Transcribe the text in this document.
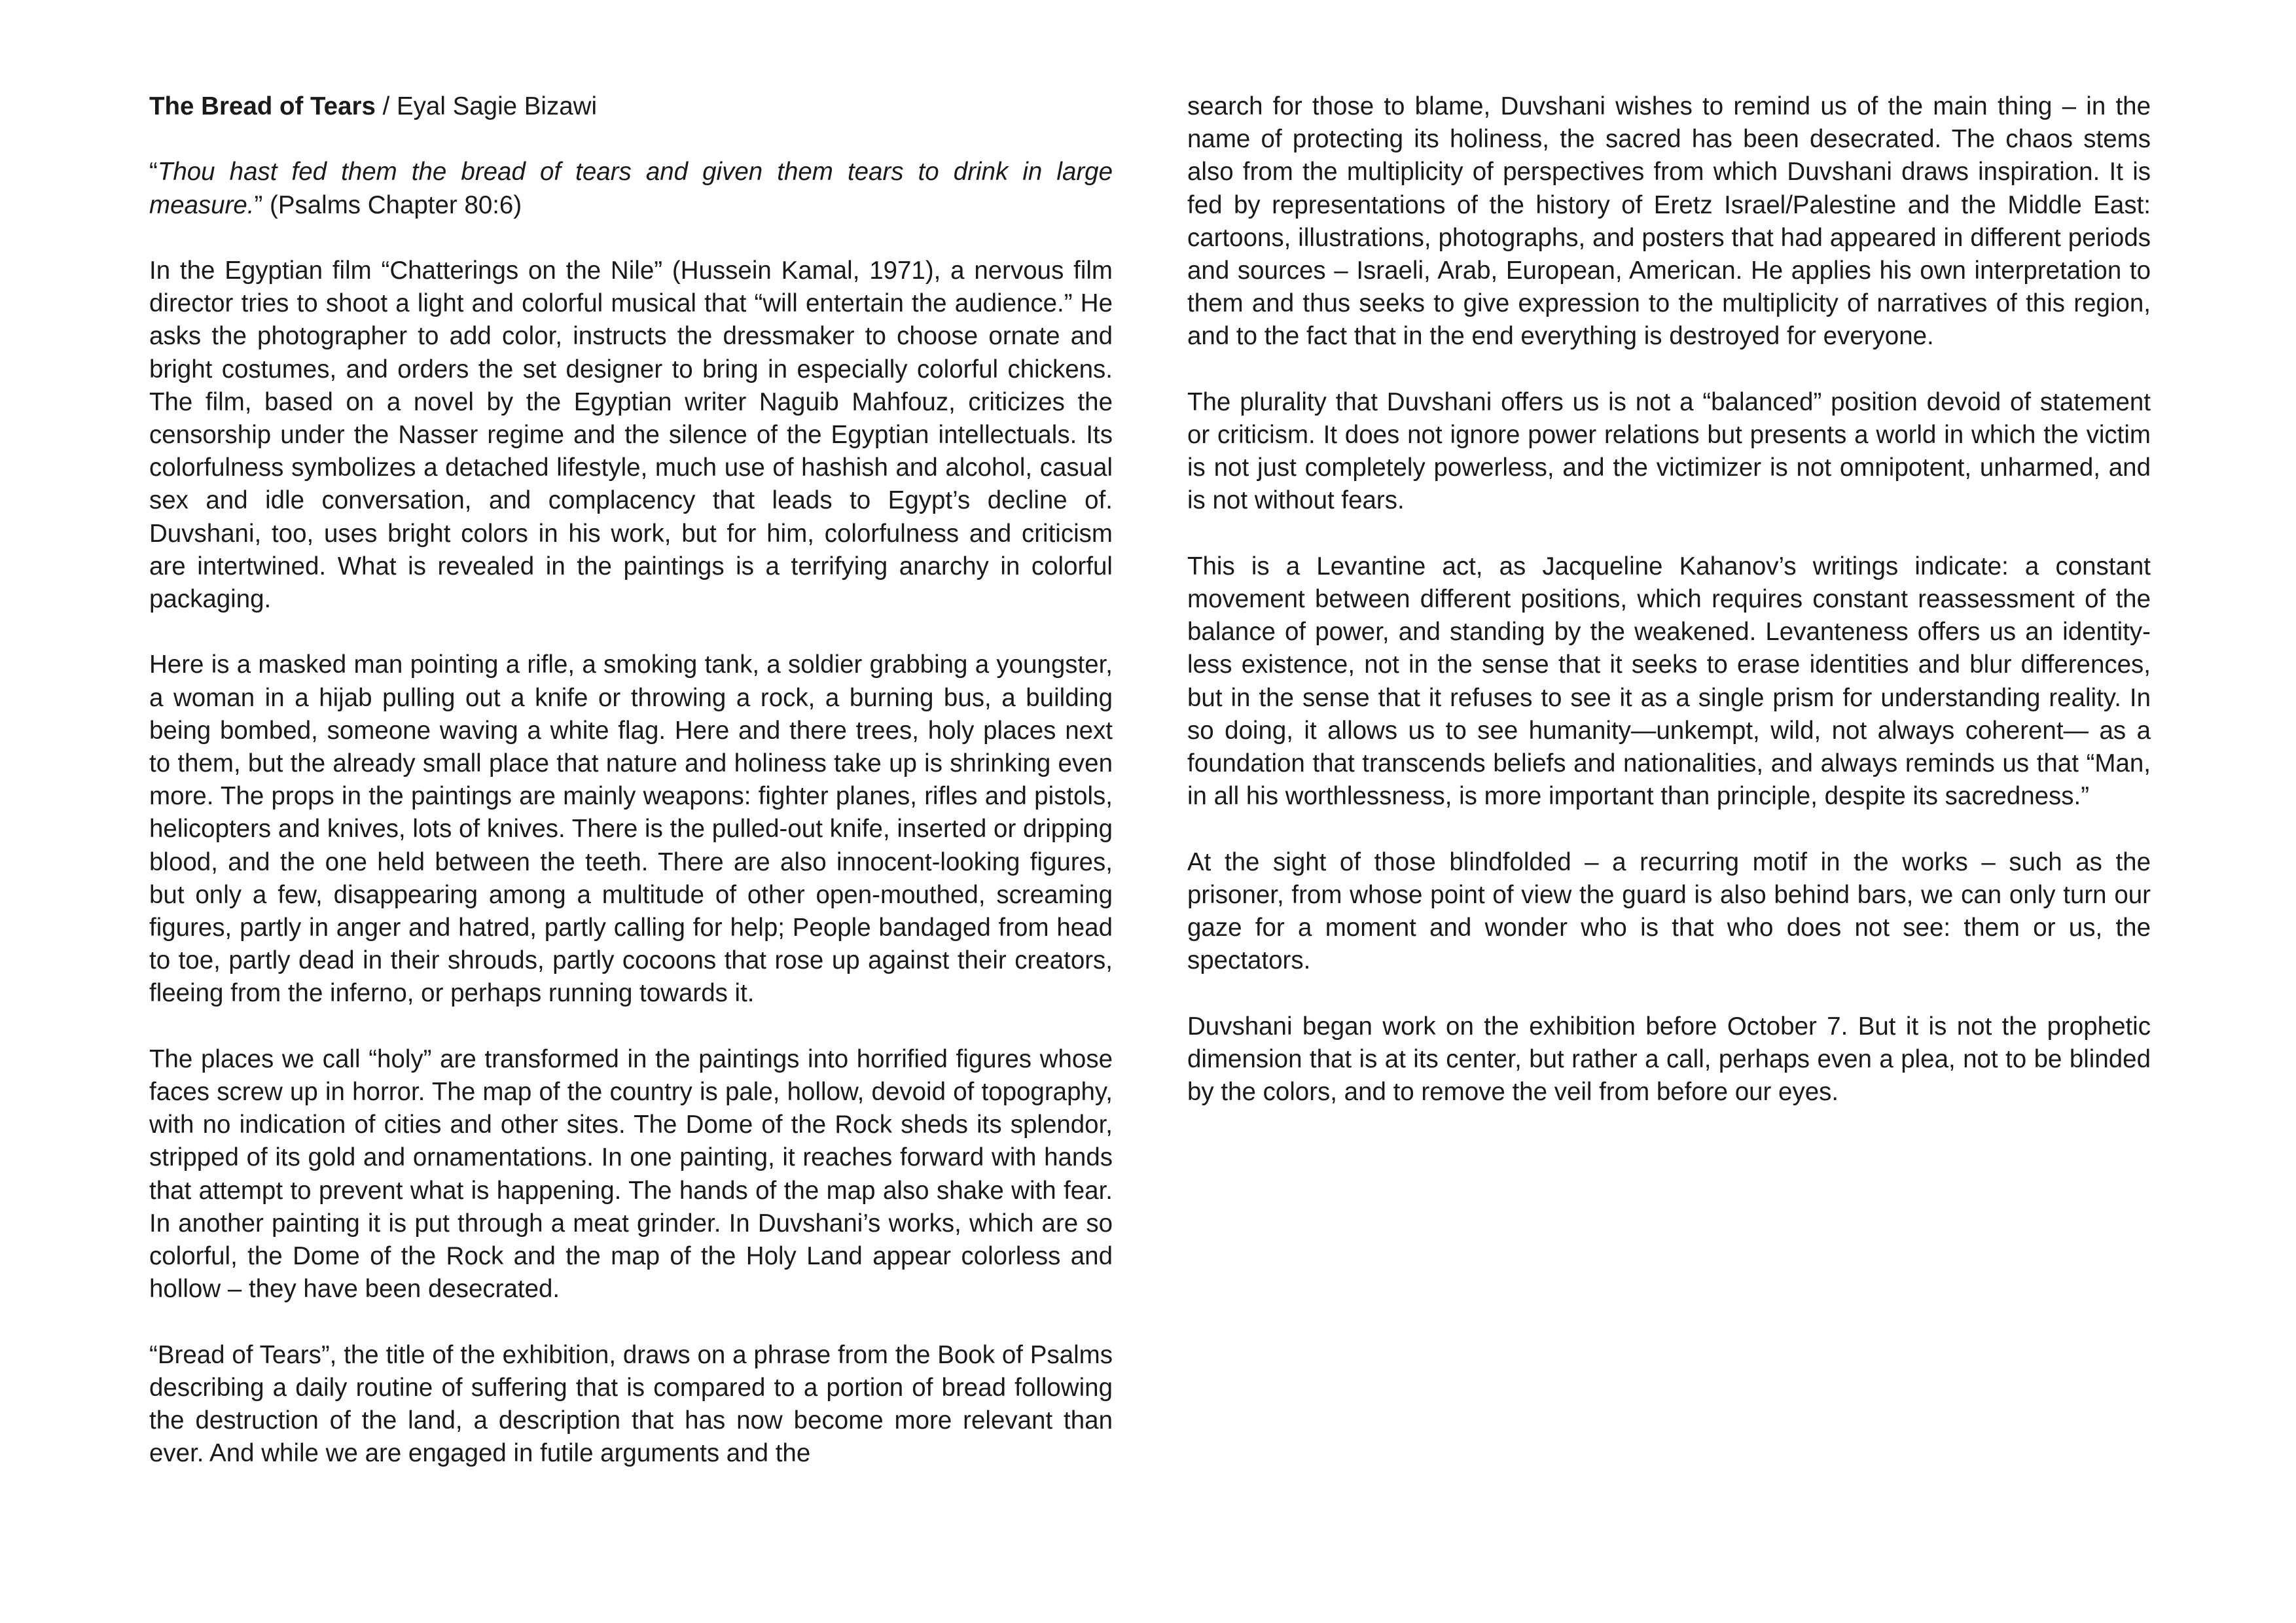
The Bread of Tears / Eyal Sagie Bizawi

“Thou hast fed them the bread of tears and given them tears to drink in large measure.” (Psalms Chapter 80:6)

In the Egyptian film “Chatterings on the Nile” (Hussein Kamal, 1971), a nervous film director tries to shoot a light and colorful musical that “will entertain the audience.” He asks the photographer to add color, instructs the dressmaker to choose ornate and bright costumes, and orders the set designer to bring in especially colorful chickens. The film, based on a novel by the Egyptian writer Naguib Mahfouz, criticizes the censorship under the Nasser regime and the silence of the Egyptian intellectuals. Its colorfulness symbolizes a detached lifestyle, much use of hashish and alcohol, casual sex and idle conversation, and complacency that leads to Egypt’s decline of. Duvshani, too, uses bright colors in his work, but for him, colorfulness and criticism are intertwined. What is revealed in the paintings is a terrifying anarchy in colorful packaging.

Here is a masked man pointing a rifle, a smoking tank, a soldier grabbing a youngster, a woman in a hijab pulling out a knife or throwing a rock, a burning bus, a building being bombed, someone waving a white flag. Here and there trees, holy places next to them, but the already small place that nature and holiness take up is shrinking even more. The props in the paintings are mainly weapons: fighter planes, rifles and pistols, helicopters and knives, lots of knives. There is the pulled-out knife, inserted or dripping blood, and the one held between the teeth. There are also innocent-looking figures, but only a few, disappearing among a multitude of other open-mouthed, screaming figures, partly in anger and hatred, partly calling for help; People bandaged from head to toe, partly dead in their shrouds, partly cocoons that rose up against their creators, fleeing from the inferno, or perhaps running towards it.

The places we call “holy” are transformed in the paintings into horrified figures whose faces screw up in horror. The map of the country is pale, hollow, devoid of topography, with no indication of cities and other sites. The Dome of the Rock sheds its splendor, stripped of its gold and ornamentations. In one painting, it reaches forward with hands that attempt to prevent what is happening. The hands of the map also shake with fear. In another painting it is put through a meat grinder. In Duvshani’s works, which are so colorful, the Dome of the Rock and the map of the Holy Land appear colorless and hollow – they have been desecrated.

“Bread of Tears”, the title of the exhibition, draws on a phrase from the Book of Psalms describing a daily routine of suffering that is compared to a portion of bread following the destruction of the land, a description that has now become more relevant than ever. And while we are engaged in futile arguments and the

search for those to blame, Duvshani wishes to remind us of the main thing – in the name of protecting its holiness, the sacred has been desecrated. The chaos stems also from the multiplicity of perspectives from which Duvshani draws inspiration. It is fed by representations of the history of Eretz Israel/Palestine and the Middle East: cartoons, illustrations, photographs, and posters that had appeared in different periods and sources – Israeli, Arab, European, American. He applies his own interpretation to them and thus seeks to give expression to the multiplicity of narratives of this region, and to the fact that in the end everything is destroyed for everyone.

The plurality that Duvshani offers us is not a “balanced” position devoid of statement or criticism. It does not ignore power relations but presents a world in which the victim is not just completely powerless, and the victimizer is not omnipotent, unharmed, and is not without fears.

This is a Levantine act, as Jacqueline Kahanov’s writings indicate: a constant movement between different positions, which requires constant reassessment of the balance of power, and standing by the weakened. Levanteness offers us an identity-less existence, not in the sense that it seeks to erase identities and blur differences, but in the sense that it refuses to see it as a single prism for understanding reality. In so doing, it allows us to see humanity—unkempt, wild, not always coherent— as a foundation that transcends beliefs and nationalities, and always reminds us that “Man, in all his worthlessness, is more important than principle, despite its sacredness.”

At the sight of those blindfolded – a recurring motif in the works – such as the prisoner, from whose point of view the guard is also behind bars, we can only turn our gaze for a moment and wonder who is that who does not see: them or us, the spectators.

Duvshani began work on the exhibition before October 7. But it is not the prophetic dimension that is at its center, but rather a call, perhaps even a plea, not to be blinded by the colors, and to remove the veil from before our eyes.
